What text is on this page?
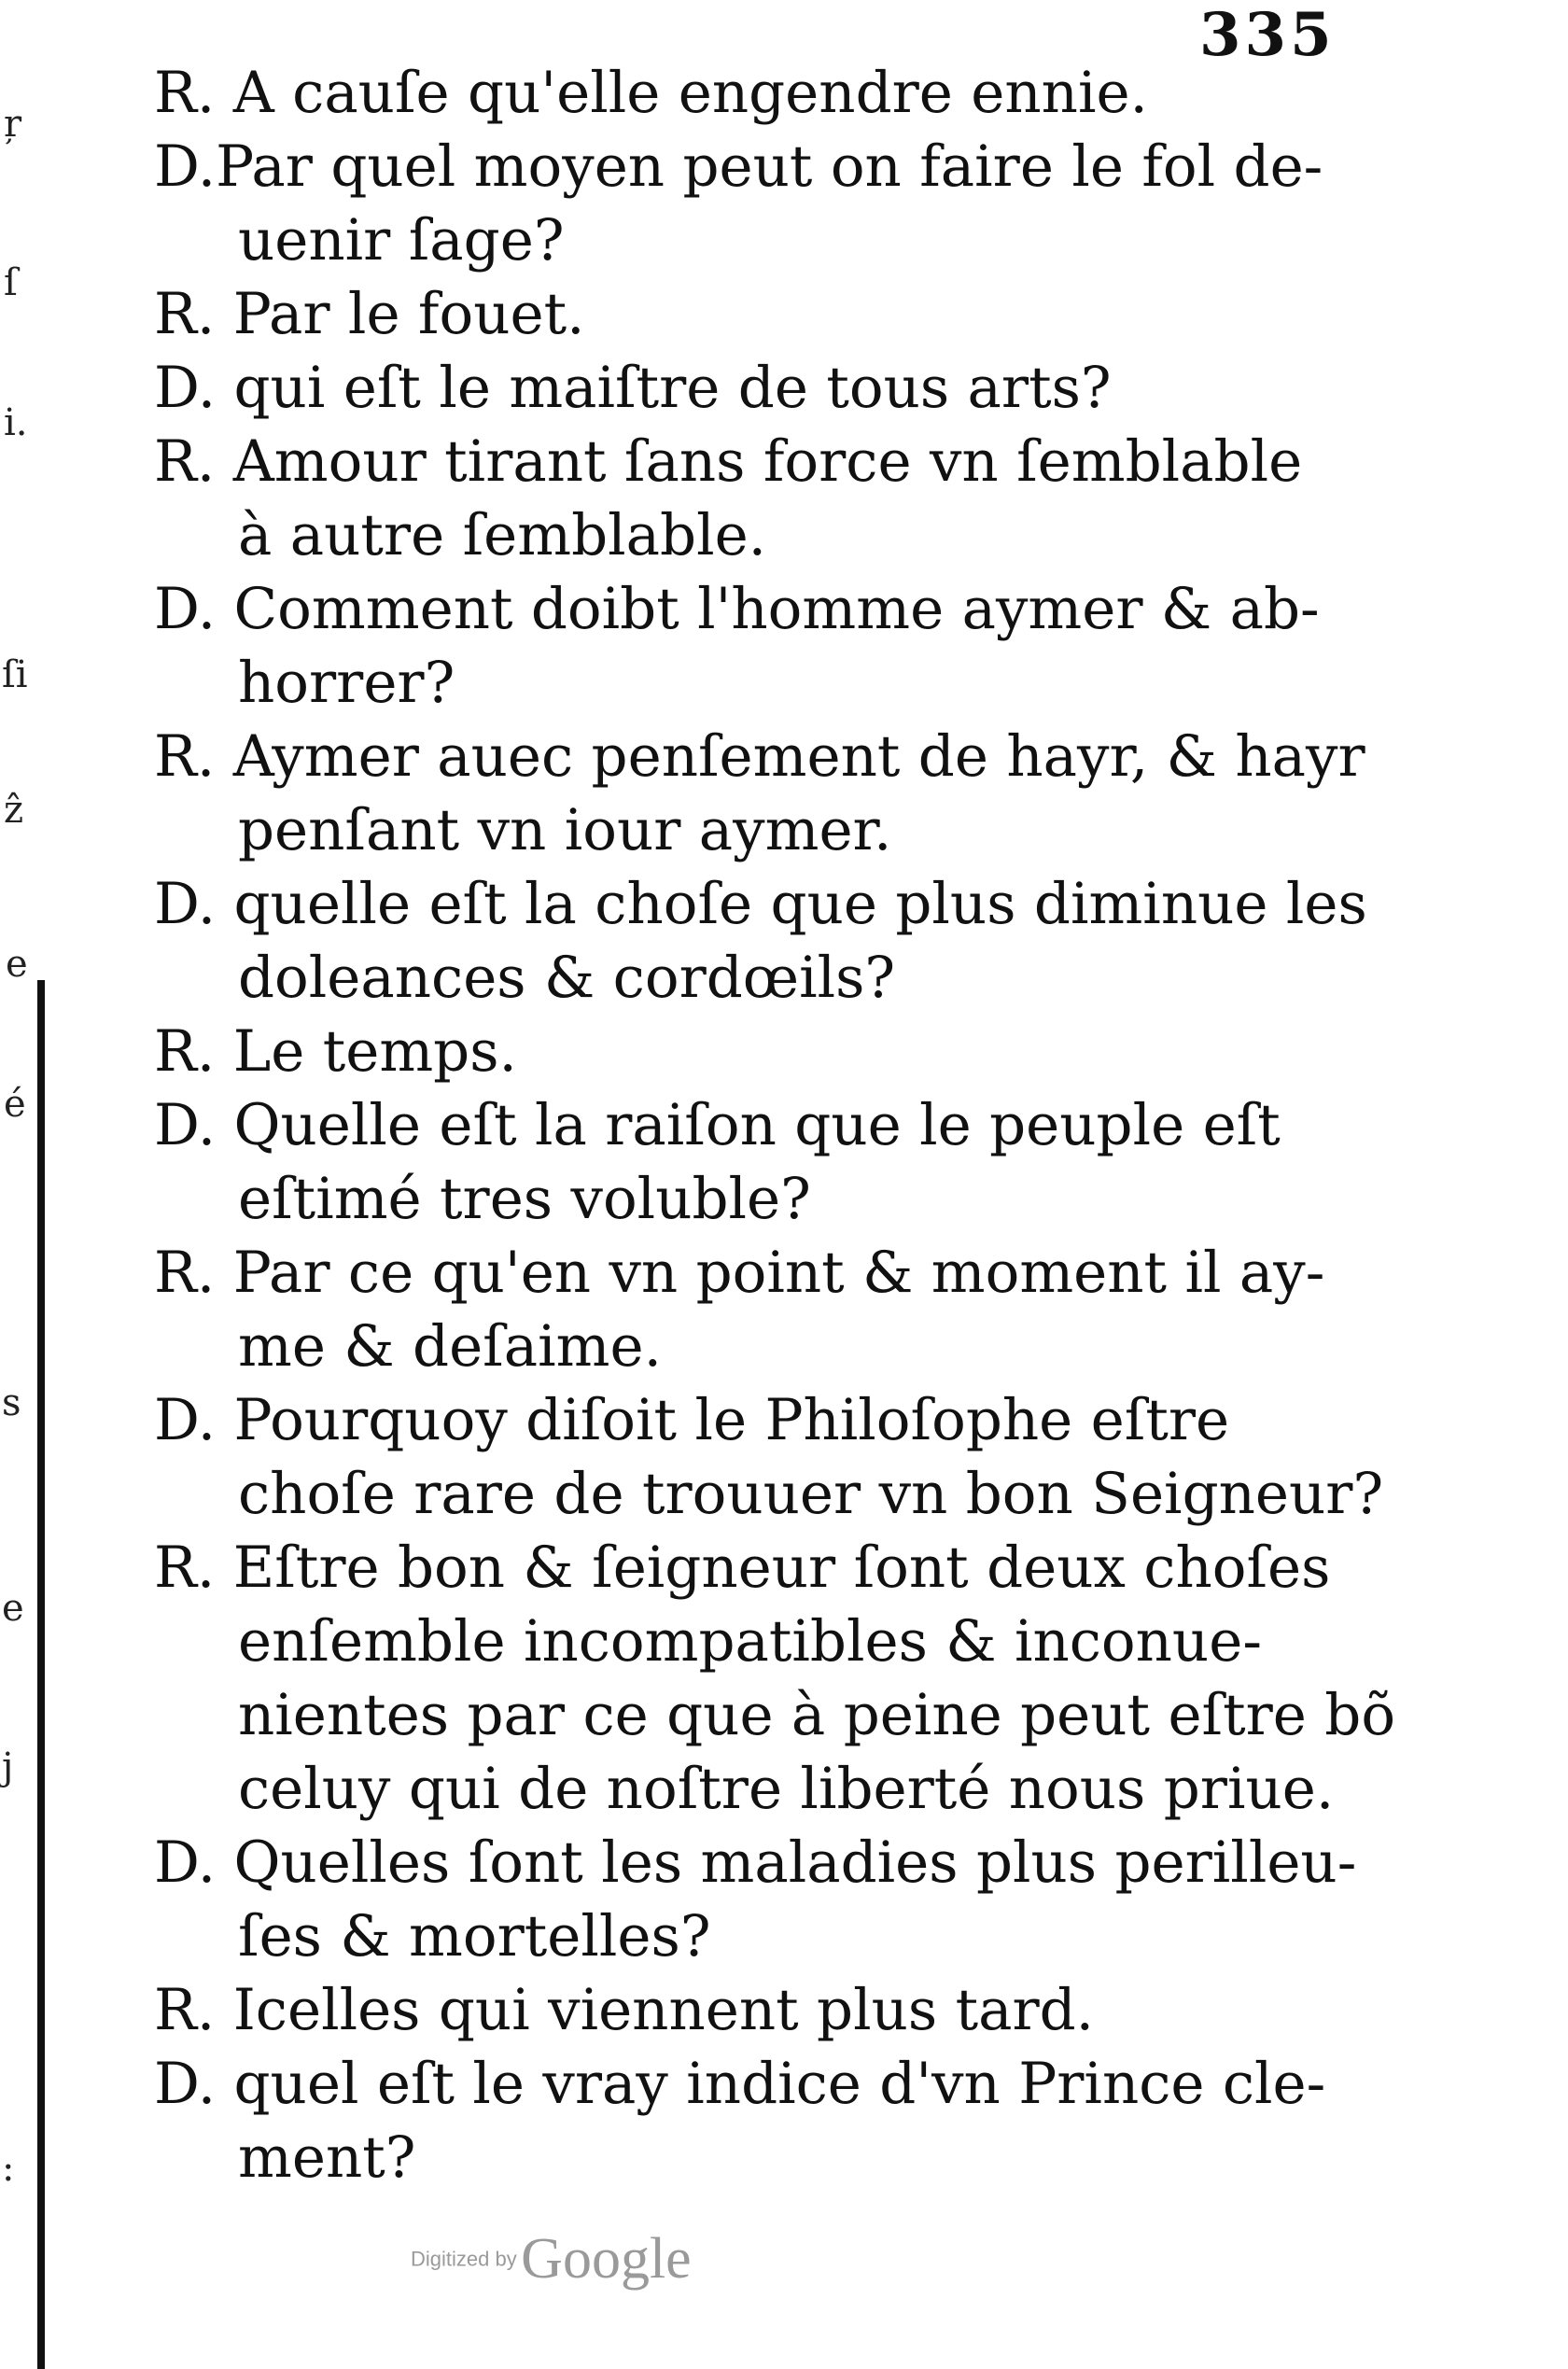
335
ŗ
ſ
i.
ſi
ẑ
e
é
s
e
j
:
R. A cauſe qu'elle engendre ennie.
D.Par quel moyen peut on faire le fol de-
uenir ſage?
R. Par le fouet.
D. qui eſt le maiſtre de tous arts?
R. Amour tirant ſans force vn ſemblable
à autre ſemblable.
D. Comment doibt l'homme aymer & ab-
horrer?
R. Aymer auec penſement de hayr, & hayr
penſant vn iour aymer.
D. quelle eſt la choſe que plus diminue les
doleances & cordœils?
R. Le temps.
D. Quelle eſt la raiſon que le peuple eſt
eſtimé tres voluble?
R. Par ce qu'en vn point & moment il ay-
me & deſaime.
D. Pourquoy diſoit le Philoſophe eſtre
choſe rare de trouuer vn bon Seigneur?
R. Eſtre bon & ſeigneur ſont deux choſes
enſemble incompatibles & inconue-
nientes par ce que à peine peut eſtre bõ
celuy qui de noſtre liberté nous priue.
D. Quelles ſont les maladies plus perilleu-
ſes & mortelles?
R. Icelles qui viennent plus tard.
D. quel eſt le vray indice d'vn Prince cle-
ment?
Digitized by Google
